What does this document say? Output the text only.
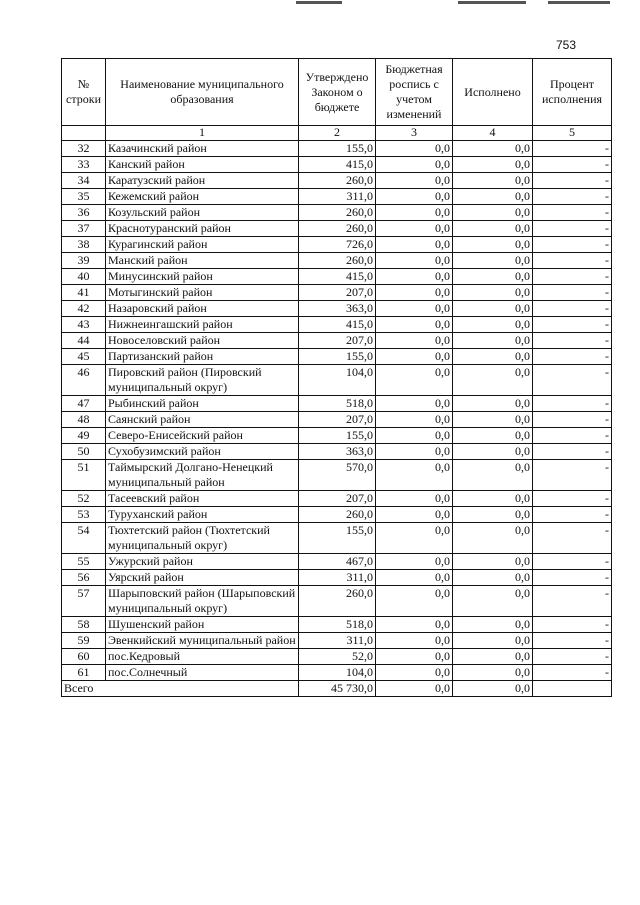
753
№ строки	Наименование муниципального образования	Утверждено Законом о бюджете	Бюджетная роспись с учетом изменений	Исполнено	Процент исполнения
	1	2	3	4	5
32	Казачинский район	155,0	0,0	0,0	-
33	Канский район	415,0	0,0	0,0	-
34	Каратузский район	260,0	0,0	0,0	-
35	Кежемский район	311,0	0,0	0,0	-
36	Козульский район	260,0	0,0	0,0	-
37	Краснотуранский район	260,0	0,0	0,0	-
38	Курагинский район	726,0	0,0	0,0	-
39	Манский район	260,0	0,0	0,0	-
40	Минусинский район	415,0	0,0	0,0	-
41	Мотыгинский район	207,0	0,0	0,0	-
42	Назаровский район	363,0	0,0	0,0	-
43	Нижнеингашский район	415,0	0,0	0,0	-
44	Новоселовский район	207,0	0,0	0,0	-
45	Партизанский район	155,0	0,0	0,0	-
46	Пировский район (Пировский муниципальный округ)	104,0	0,0	0,0	-
47	Рыбинский район	518,0	0,0	0,0	-
48	Саянский район	207,0	0,0	0,0	-
49	Северо-Енисейский район	155,0	0,0	0,0	-
50	Сухобузимский район	363,0	0,0	0,0	-
51	Таймырский Долгано-Ненецкий муниципальный район	570,0	0,0	0,0	-
52	Тасеевский район	207,0	0,0	0,0	-
53	Туруханский район	260,0	0,0	0,0	-
54	Тюхтетский район (Тюхтетский муниципальный округ)	155,0	0,0	0,0	-
55	Ужурский район	467,0	0,0	0,0	-
56	Уярский район	311,0	0,0	0,0	-
57	Шарыповский район (Шарыповский муниципальный округ)	260,0	0,0	0,0	-
58	Шушенский район	518,0	0,0	0,0	-
59	Эвенкийский муниципальный район	311,0	0,0	0,0	-
60	пос.Кедровый	52,0	0,0	0,0	-
61	пос.Солнечный	104,0	0,0	0,0	-
Всего		45 730,0	0,0	0,0	
